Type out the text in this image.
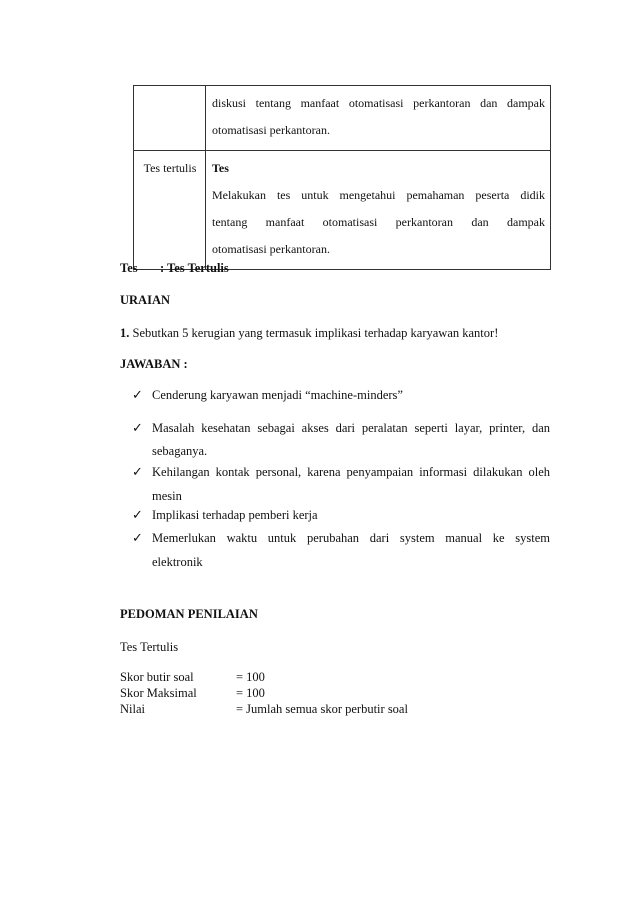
	diskusi tentang manfaat otomatisasi perkantoran dan dampak
otomatisasi perkantoran.

Tes tertulis	Tes
Melakukan tes untuk mengetahui pemahaman peserta didik
tentang manfaat otomatisasi perkantoran dan dampak
otomatisasi perkantoran.
Tes : Tes Tertulis
URAIAN
1. Sebutkan 5 kerugian yang termasuk implikasi terhadap karyawan kantor!
JAWABAN :
✓ Cenderung karyawan menjadi “machine-minders”
✓ Masalah kesehatan sebagai akses dari peralatan seperti layar, printer, dan
sebaganya.
✓ Kehilangan kontak personal, karena penyampaian informasi dilakukan oleh
mesin
✓ Implikasi terhadap pemberi kerja
✓ Memerlukan waktu untuk perubahan dari system manual ke system
elektronik
PEDOMAN PENILAIAN
Tes Tertulis
Skor butir soal	= 100
Skor Maksimal	= 100
Nilai	= Jumlah semua skor perbutir soal
